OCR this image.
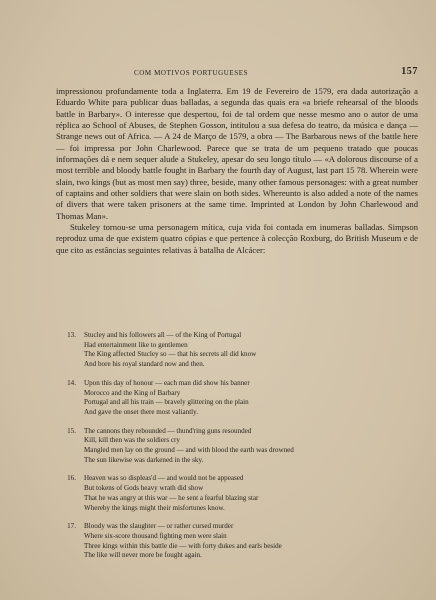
COM MOTIVOS PORTUGUESES	157

impressionou profundamente toda a Inglaterra. Em 19 de Fevereiro de 1579, era dada autorização a Eduardo White para publicar duas balladas, a segunda das quais era «a briefe rehearsal of the bloods battle in Barbary». O interesse que despertou, foi de tal ordem que nesse mesmo ano o autor de uma réplica ao School of Abuses, de Stephen Gosson, intitulou a sua defesa do teatro, da música e dança — Strange news out of Africa. — A 24 de Março de 1579, a obra — The Barbarous news of the battle here — foi impressa por John Charlewood. Parece que se trata de um pequeno tratado que poucas informações dá e nem sequer alude a Stukeley, apesar do seu longo título — «A dolorous discourse of a most terrible and bloody battle fought in Barbary the fourth day of August, last part 15 78. Wherein were slain, two kings (but as most men say) three, beside, many other famous personages: with a great number of captains and other soldiers that were slain on both sides. Whereunto is also added a note of the names of divers that were taken prisoners at the same time. Imprinted at London by John Charlewood and Thomas Man».

Stukeley tornou-se uma personagem mítica, cuja vida foi contada em inumeras balladas. Simpson reproduz uma de que existem quatro cópias e que pertence à colecção Roxburg, do British Museum e de que cito as estâncias seguintes relativas à batalha de Alcácer:

13. Stucley and his followers all — of the King of Portugal
Had entertainment like to gentlemen
The King affected Stucley so — that his secrets all did know
And bore his royal standard now and then.
14. Upon this day of honour — each man did show his banner
Morocco and the King of Barbary
Portugal and all his train — bravely glittering on the plain
And gave the onset there most valiantly.
15. The cannons they rebounded — thund'ring guns resounded
Kill, kill then was the soldiers cry
Mangled men lay on the ground — and with blood the earth was drowned
The sun likewise was darkened in the sky.
16. Heaven was so displeas'd — and would not be appeased
But tokens of Gods heavy wrath did show
That he was angry at this war — he sent a fearful blazing star
Whereby the kings might their misfortunes know.
17. Bloody was the slaughter — or rather cursed murder
Where six-score thousand fighting men were slain
Three kings within this battle die — with forty dukes and earls beside
The like will never more be fought again.
